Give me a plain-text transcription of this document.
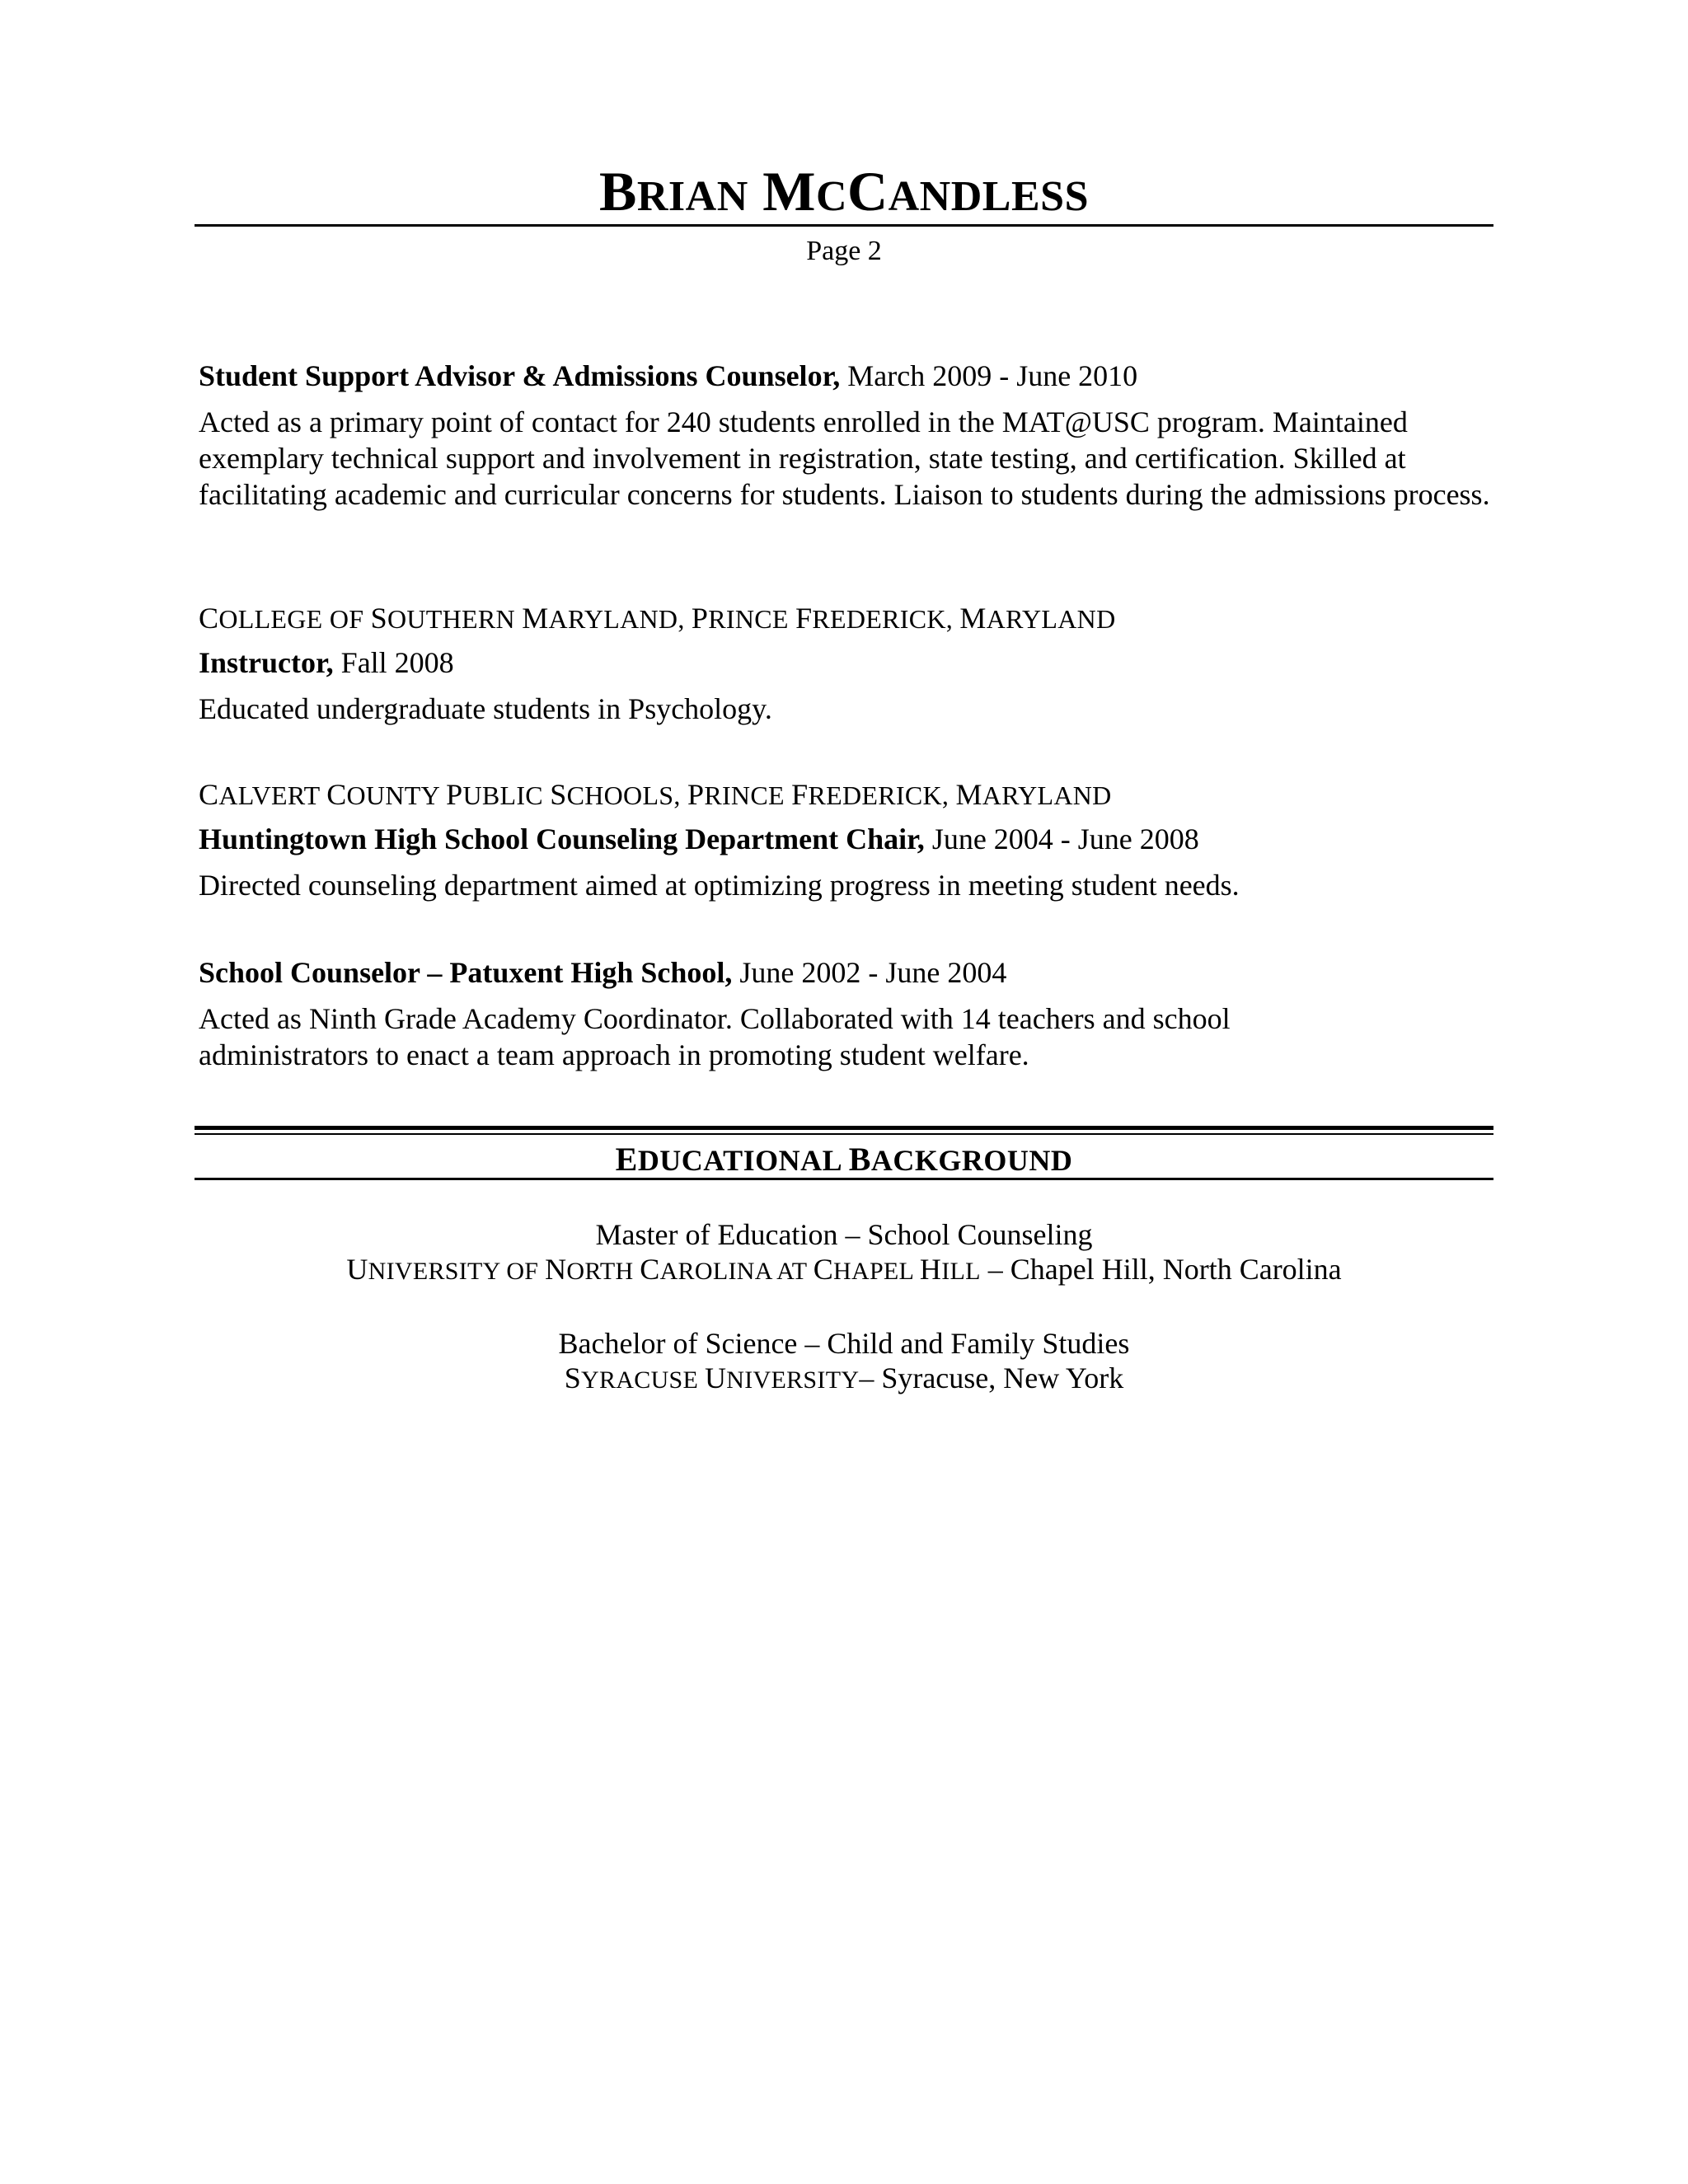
BRIAN MCCANDLESS
Page 2
Student Support Advisor & Admissions Counselor, March 2009 - June 2010
Acted as a primary point of contact for 240 students enrolled in the MAT@USC program. Maintained exemplary technical support and involvement in registration, state testing, and certification. Skilled at facilitating academic and curricular concerns for students. Liaison to students during the admissions process.
COLLEGE OF SOUTHERN MARYLAND, PRINCE FREDERICK, MARYLAND
Instructor, Fall 2008
Educated undergraduate students in Psychology.
CALVERT COUNTY PUBLIC SCHOOLS, PRINCE FREDERICK, MARYLAND
Huntingtown High School Counseling Department Chair, June 2004 - June 2008
Directed counseling department aimed at optimizing progress in meeting student needs.
School Counselor – Patuxent High School, June 2002 - June 2004
Acted as Ninth Grade Academy Coordinator. Collaborated with 14 teachers and school administrators to enact a team approach in promoting student welfare.
EDUCATIONAL BACKGROUND
Master of Education – School Counseling
UNIVERSITY OF NORTH CAROLINA AT CHAPEL HILL – Chapel Hill, North Carolina
Bachelor of Science – Child and Family Studies
SYRACUSE UNIVERSITY– Syracuse, New York
